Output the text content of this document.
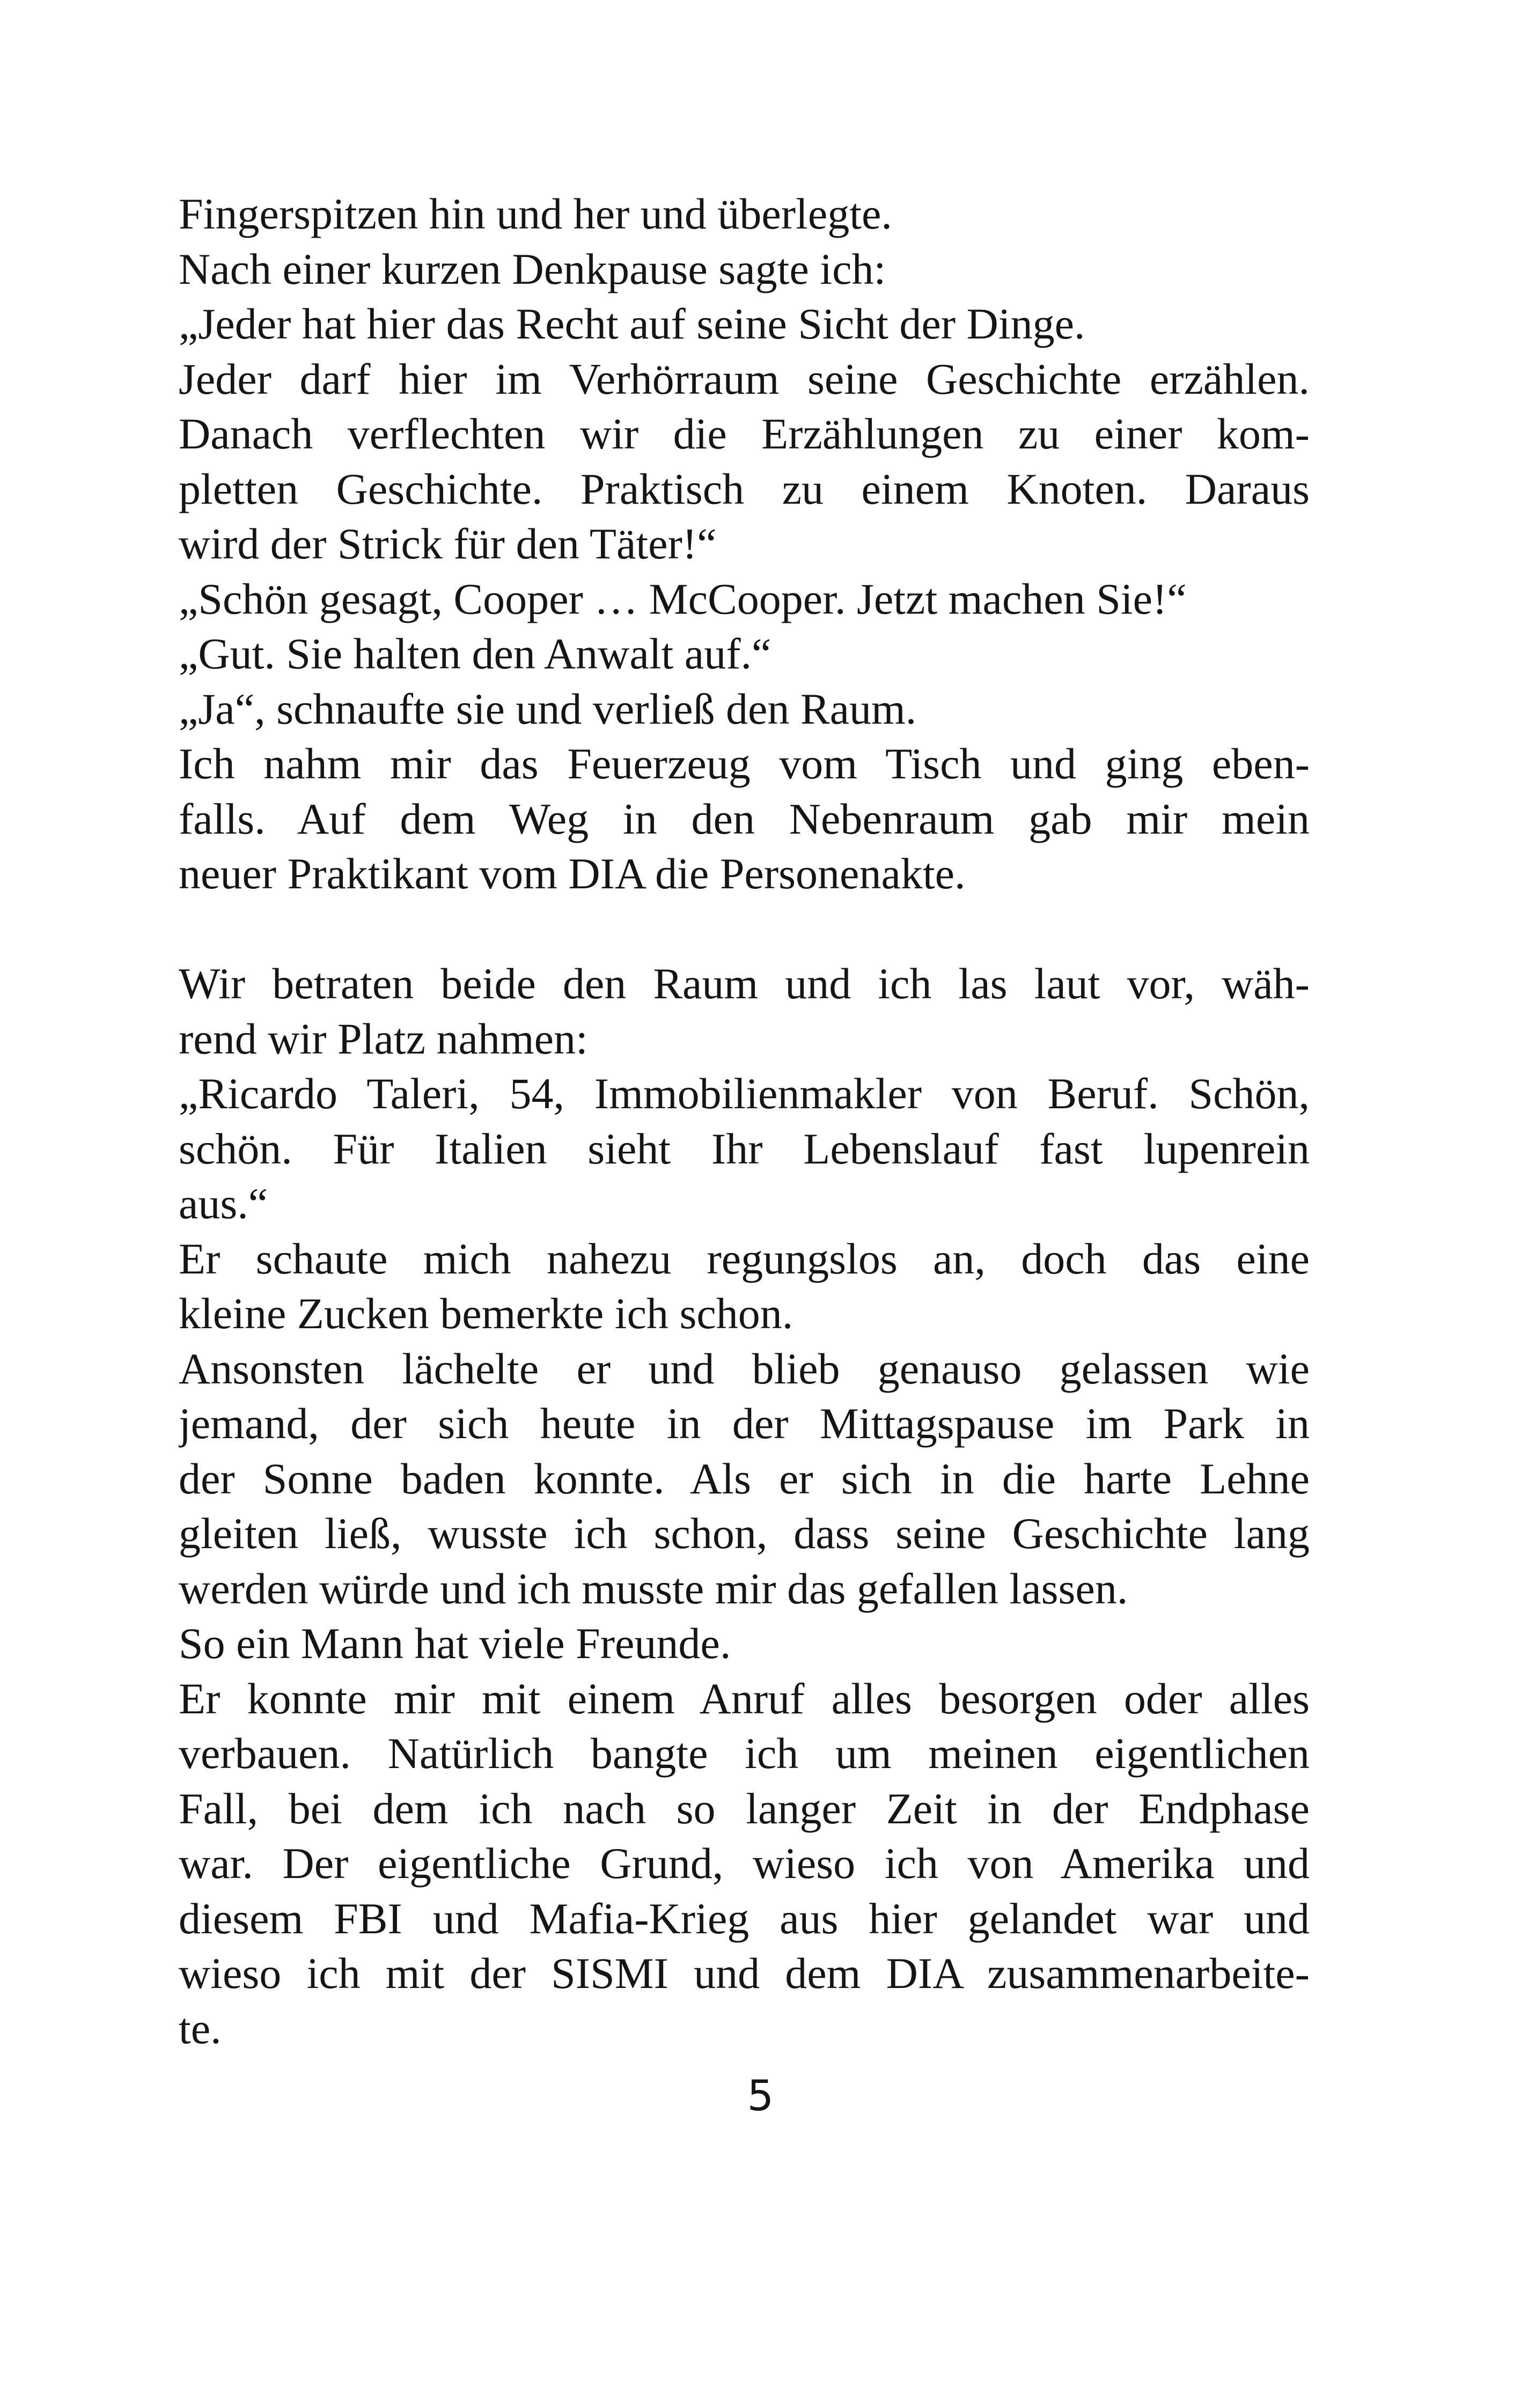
Fingerspitzen hin und her und überlegte.
Nach einer kurzen Denkpause sagte ich:
„Jeder hat hier das Recht auf seine Sicht der Dinge.
Jeder darf hier im Verhörraum seine Geschichte erzählen.
Danach verflechten wir die Erzählungen zu einer kom-
pletten Geschichte. Praktisch zu einem Knoten. Daraus
wird der Strick für den Täter!“
„Schön gesagt, Cooper … McCooper. Jetzt machen Sie!“
„Gut. Sie halten den Anwalt auf.“
„Ja“, schnaufte sie und verließ den Raum.
Ich nahm mir das Feuerzeug vom Tisch und ging eben-
falls. Auf dem Weg in den Nebenraum gab mir mein
neuer Praktikant vom DIA die Personenakte.
Wir betraten beide den Raum und ich las laut vor, wäh-
rend wir Platz nahmen:
„Ricardo Taleri, 54, Immobilienmakler von Beruf. Schön,
schön. Für Italien sieht Ihr Lebenslauf fast lupenrein
aus.“
Er schaute mich nahezu regungslos an, doch das eine
kleine Zucken bemerkte ich schon.
Ansonsten lächelte er und blieb genauso gelassen wie
jemand, der sich heute in der Mittagspause im Park in
der Sonne baden konnte. Als er sich in die harte Lehne
gleiten ließ, wusste ich schon, dass seine Geschichte lang
werden würde und ich musste mir das gefallen lassen.
So ein Mann hat viele Freunde.
Er konnte mir mit einem Anruf alles besorgen oder alles
verbauen. Natürlich bangte ich um meinen eigentlichen
Fall, bei dem ich nach so langer Zeit in der Endphase
war. Der eigentliche Grund, wieso ich von Amerika und
diesem FBI und Mafia-Krieg aus hier gelandet war und
wieso ich mit der SISMI und dem DIA zusammenarbeite-
te.
5
